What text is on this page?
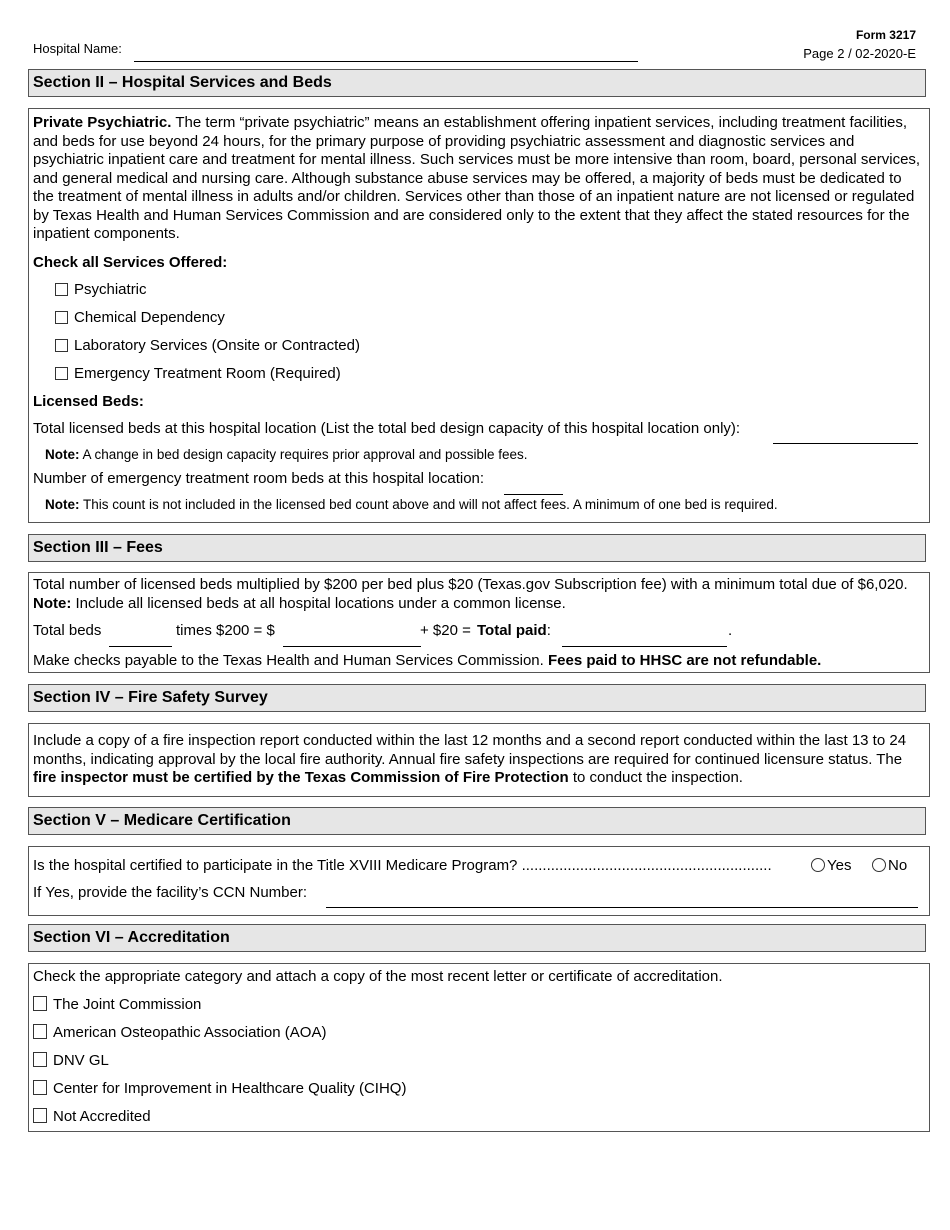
Hospital Name:
Form 3217
Page 2 / 02-2020-E
Section II – Hospital Services and Beds

Private Psychiatric. The term “private psychiatric” means an establishment offering inpatient services, including treatment facilities, and beds for use beyond 24 hours, for the primary purpose of providing psychiatric assessment and diagnostic services and psychiatric inpatient care and treatment for mental illness. Such services must be more intensive than room, board, personal services, and general medical and nursing care. Although substance abuse services may be offered, a majority of beds must be dedicated to the treatment of mental illness in adults and/or children. Services other than those of an inpatient nature are not licensed or regulated by Texas Health and Human Services Commission and are considered only to the extent that they affect the stated resources for the inpatient components.

Check all Services Offered:
Psychiatric
Chemical Dependency
Laboratory Services (Onsite or Contracted)
Emergency Treatment Room (Required)
Licensed Beds:
Total licensed beds at this hospital location (List the total bed design capacity of this hospital location only):
Note: A change in bed design capacity requires prior approval and possible fees.
Number of emergency treatment room beds at this hospital location:
Note: This count is not included in the licensed bed count above and will not affect fees. A minimum of one bed is required.
Section III – Fees

Total number of licensed beds multiplied by $200 per bed plus $20 (Texas.gov Subscription fee) with a minimum total due of $6,020. Note: Include all licensed beds at all hospital locations under a common license.

Total beds	times $200 = $	+ $20 = Total paid:	.
Make checks payable to the Texas Health and Human Services Commission. Fees paid to HHSC are not refundable.
Section IV – Fire Safety Survey

Include a copy of a fire inspection report conducted within the last 12 months and a second report conducted within the last 13 to 24 months, indicating approval by the local fire authority. Annual fire safety inspections are required for continued licensure status. The fire inspector must be certified by the Texas Commission of Fire Protection to conduct the inspection.

Section V – Medicare Certification
Is the hospital certified to participate in the Title XVIII Medicare Program? ............................................................	Yes	No
If Yes, provide the facility’s CCN Number:
Section VI – Accreditation
Check the appropriate category and attach a copy of the most recent letter or certificate of accreditation.
The Joint Commission
American Osteopathic Association (AOA)
DNV GL
Center for Improvement in Healthcare Quality (CIHQ)
Not Accredited
